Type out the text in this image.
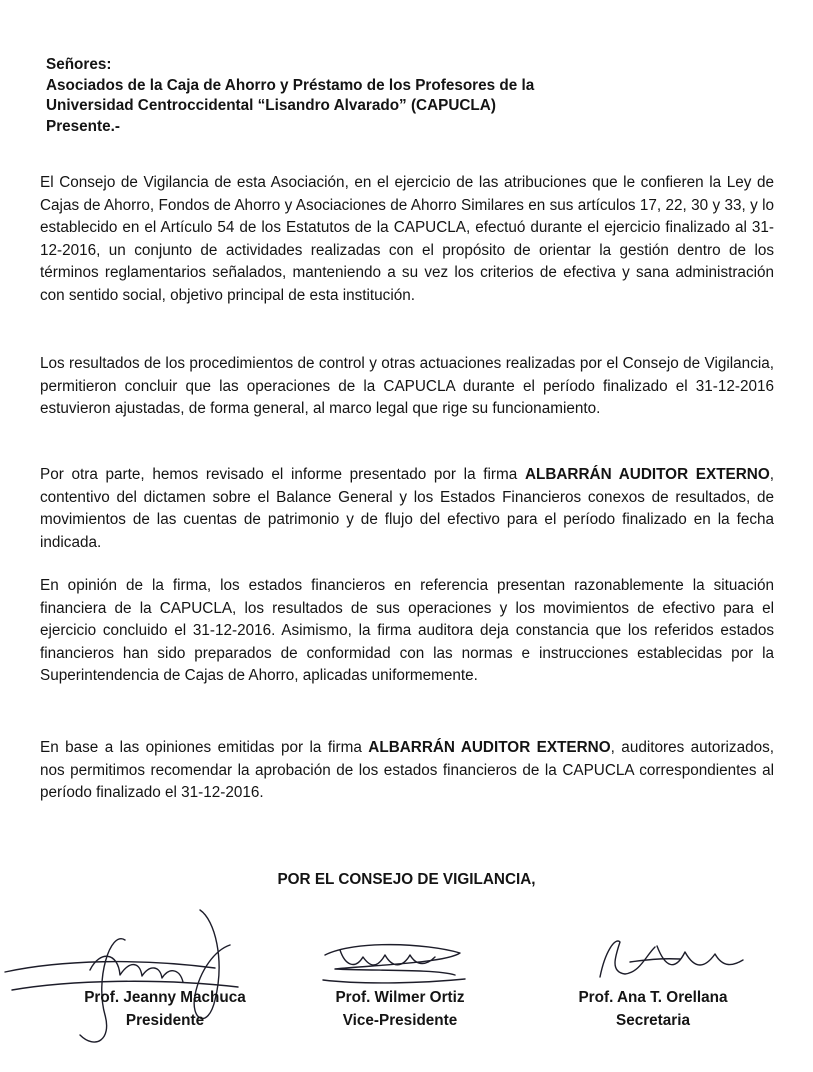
Señores:
Asociados de la Caja de Ahorro y Préstamo de los Profesores de la
Universidad Centroccidental “Lisandro Alvarado” (CAPUCLA)
Presente.-
El Consejo de Vigilancia de esta Asociación, en el ejercicio de las atribuciones que le confieren la Ley de Cajas de Ahorro, Fondos de Ahorro y Asociaciones de Ahorro Similares en sus artículos 17, 22, 30 y 33, y lo establecido en el Artículo 54 de los Estatutos de la CAPUCLA, efectuó durante el ejercicio finalizado al 31-12-2016, un conjunto de actividades realizadas con el propósito de orientar la gestión dentro de los términos reglamentarios señalados, manteniendo a su vez los criterios de efectiva y sana administración con sentido social, objetivo principal de esta institución.
Los resultados de los procedimientos de control y otras actuaciones realizadas por el Consejo de Vigilancia, permitieron concluir que las operaciones de la CAPUCLA durante el período finalizado el 31-12-2016 estuvieron ajustadas, de forma general, al marco legal que rige su funcionamiento.
Por otra parte, hemos revisado el informe presentado por la firma ALBARRÁN AUDITOR EXTERNO, contentivo del dictamen sobre el Balance General y los Estados Financieros conexos de resultados, de movimientos de las cuentas de patrimonio y de flujo del efectivo para el período finalizado en la fecha indicada.
En opinión de la firma, los estados financieros en referencia presentan razonablemente la situación financiera de la CAPUCLA, los resultados de sus operaciones y los movimientos de efectivo para el ejercicio concluido el 31-12-2016. Asimismo, la firma auditora deja constancia que los referidos estados financieros han sido preparados de conformidad con las normas e instrucciones establecidas por la Superintendencia de Cajas de Ahorro, aplicadas uniformemente.
En base a las opiniones emitidas por la firma ALBARRÁN AUDITOR EXTERNO, auditores autorizados, nos permitimos recomendar la aprobación de los estados financieros de la CAPUCLA correspondientes al período finalizado el 31-12-2016.
POR EL CONSEJO DE VIGILANCIA,
Prof. Jeanny Machuca
Presidente
Prof. Wilmer Ortiz
Vice-Presidente
Prof. Ana T. Orellana
Secretaria
